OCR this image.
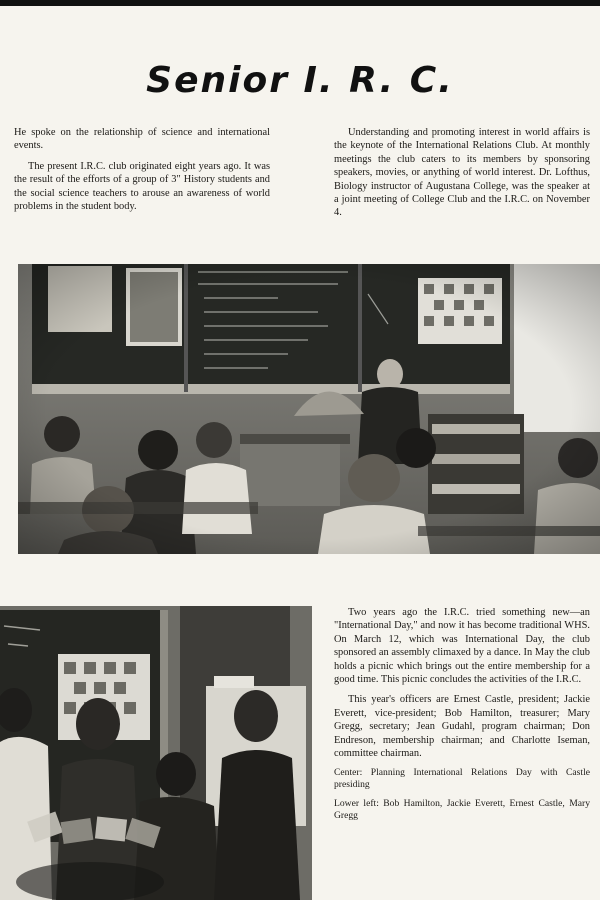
Senior I. R. C.

He spoke on the relationship of science and international events.

The present I.R.C. club originated eight years ago. It was the result of the efforts of a group of 3" History students and the social science teachers to arouse an awareness of world problems in the student body.

Understanding and promoting interest in world affairs is the keynote of the International Relations Club. At monthly meetings the club caters to its members by sponsoring speakers, movies, or anything of world interest. Dr. Lofthus, Biology instructor of Augustana College, was the speaker at a joint meeting of College Club and the I.R.C. on November 4.

Two years ago the I.R.C. tried something new—an "International Day," and now it has become traditional WHS. On March 12, which was International Day, the club sponsored an assembly climaxed by a dance. In May the club holds a picnic which brings out the entire membership for a good time. This picnic concludes the activities of the I.R.C.

This year's officers are Ernest Castle, president; Jackie Everett, vice-president; Bob Hamilton, treasurer; Mary Gregg, secretary; Jean Gudahl, program chairman; Don Endreson, membership chairman; and Charlotte Iseman, committee chairman.

Center: Planning International Relations Day with Castle presiding

Lower left: Bob Hamilton, Jackie Everett, Ernest Castle, Mary Gregg
